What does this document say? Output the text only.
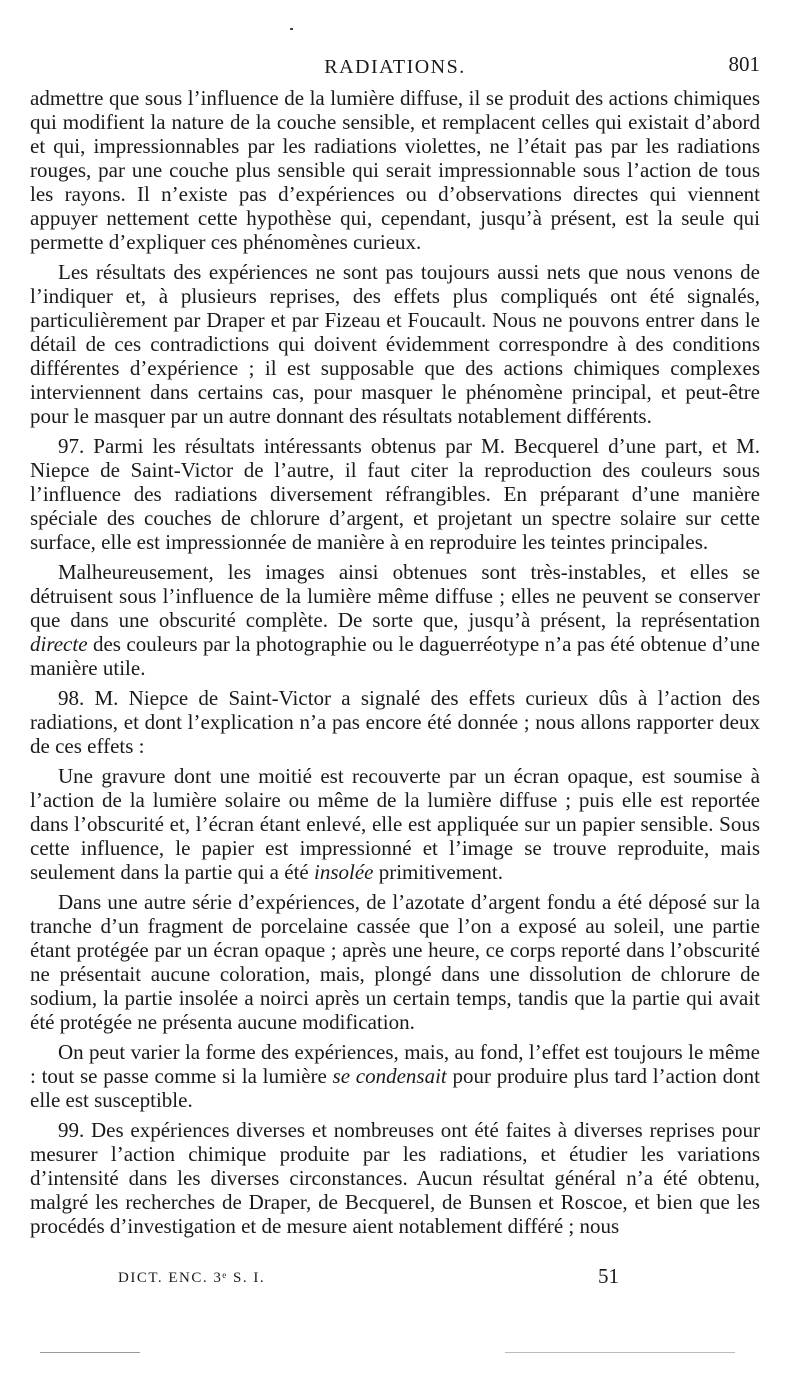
RADIATIONS.	801

admettre que sous l’influence de la lumière diffuse, il se produit des actions chimiques qui modifient la nature de la couche sensible, et remplacent celles qui existait d’abord et qui, impressionnables par les radiations violettes, ne l’était pas par les radiations rouges, par une couche plus sensible qui serait impressionnable sous l’action de tous les rayons. Il n’existe pas d’expériences ou d’observations directes qui viennent appuyer nettement cette hypothèse qui, cependant, jusqu’à présent, est la seule qui permette d’expliquer ces phénomènes curieux.

Les résultats des expériences ne sont pas toujours aussi nets que nous venons de l’indiquer et, à plusieurs reprises, des effets plus compliqués ont été signalés, particulièrement par Draper et par Fizeau et Foucault. Nous ne pouvons entrer dans le détail de ces contradictions qui doivent évidemment correspondre à des conditions différentes d’expérience ; il est supposable que des actions chimiques complexes interviennent dans certains cas, pour masquer le phénomène principal, et peut-être pour le masquer par un autre donnant des résultats notablement différents.

97. Parmi les résultats intéressants obtenus par M. Becquerel d’une part, et M. Niepce de Saint-Victor de l’autre, il faut citer la reproduction des couleurs sous l’influence des radiations diversement réfrangibles. En préparant d’une manière spéciale des couches de chlorure d’argent, et projetant un spectre solaire sur cette surface, elle est impressionnée de manière à en reproduire les teintes principales.

Malheureusement, les images ainsi obtenues sont très-instables, et elles se détruisent sous l’influence de la lumière même diffuse ; elles ne peuvent se conserver que dans une obscurité complète. De sorte que, jusqu’à présent, la représentation directe des couleurs par la photographie ou le daguerréotype n’a pas été obtenue d’une manière utile.

98. M. Niepce de Saint-Victor a signalé des effets curieux dûs à l’action des radiations, et dont l’explication n’a pas encore été donnée ; nous allons rapporter deux de ces effets :

Une gravure dont une moitié est recouverte par un écran opaque, est soumise à l’action de la lumière solaire ou même de la lumière diffuse ; puis elle est reportée dans l’obscurité et, l’écran étant enlevé, elle est appliquée sur un papier sensible. Sous cette influence, le papier est impressionné et l’image se trouve reproduite, mais seulement dans la partie qui a été insolée primitivement.

Dans une autre série d’expériences, de l’azotate d’argent fondu a été déposé sur la tranche d’un fragment de porcelaine cassée que l’on a exposé au soleil, une partie étant protégée par un écran opaque ; après une heure, ce corps reporté dans l’obscurité ne présentait aucune coloration, mais, plongé dans une dissolution de chlorure de sodium, la partie insolée a noirci après un certain temps, tandis que la partie qui avait été protégée ne présenta aucune modification.

On peut varier la forme des expériences, mais, au fond, l’effet est toujours le même : tout se passe comme si la lumière se condensait pour produire plus tard l’action dont elle est susceptible.

99. Des expériences diverses et nombreuses ont été faites à diverses reprises pour mesurer l’action chimique produite par les radiations, et étudier les variations d’intensité dans les diverses circonstances. Aucun résultat général n’a été obtenu, malgré les recherches de Draper, de Becquerel, de Bunsen et Roscoe, et bien que les procédés d’investigation et de mesure aient notablement différé ; nous

DICT. ENC. 3ᵉ S. I.	51
